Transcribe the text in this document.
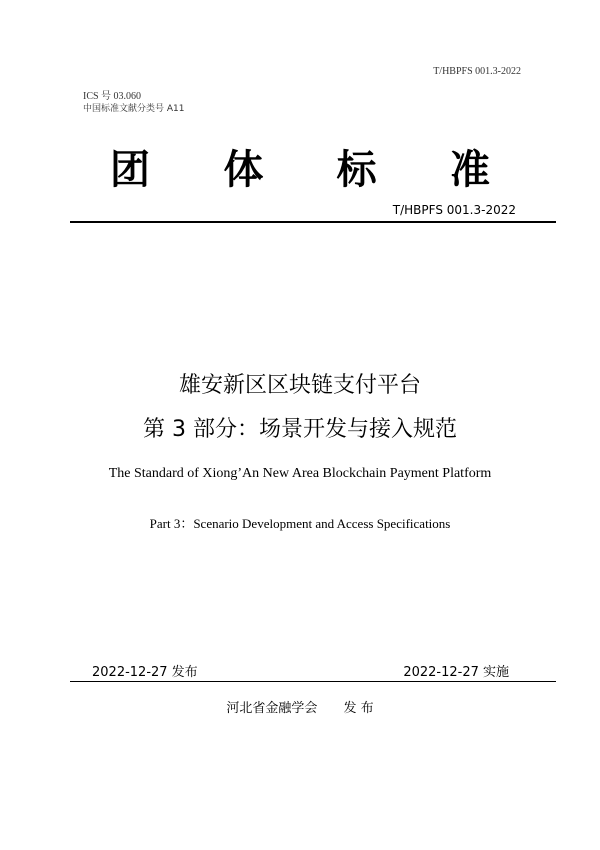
T/HBPFS 001.3-2022
ICS 号 03.060
中国标准文献分类号 A11
团 体 标 准
T/HBPFS 001.3-2022
雄安新区区块链支付平台
第 3 部分：场景开发与接入规范
The Standard of Xiong’An New Area Blockchain Payment Platform
Part 3：Scenario Development and Access Specifications
2022-12-27 发布	2022-12-27 实施
河北省金融学会 发 布
